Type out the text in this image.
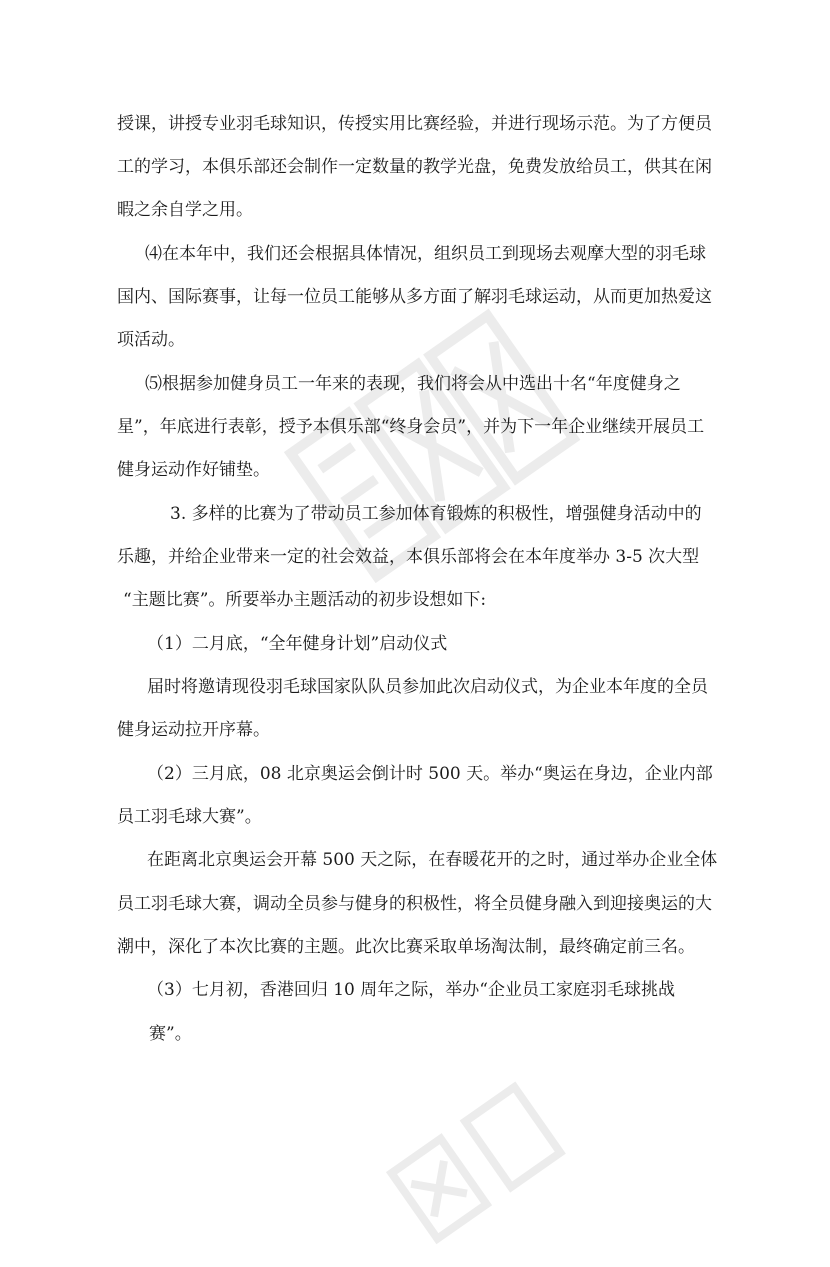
授课，讲授专业羽毛球知识，传授实用比赛经验，并进行现场示范。为了方便员
工的学习，本俱乐部还会制作一定数量的教学光盘，免费发放给员工，供其在闲
暇之余自学之用。
⑷在本年中，我们还会根据具体情况，组织员工到现场去观摩大型的羽毛球
国内、国际赛事，让每一位员工能够从多方面了解羽毛球运动，从而更加热爱这
项活动。
⑸根据参加健身员工一年来的表现，我们将会从中选出十名“年度健身之
星”，年底进行表彰，授予本俱乐部“终身会员”，并为下一年企业继续开展员工
健身运动作好铺垫。
3. 多样的比赛为了带动员工参加体育锻炼的积极性，增强健身活动中的
乐趣，并给企业带来一定的社会效益，本俱乐部将会在本年度举办 3-5 次大型
“主题比赛”。所要举办主题活动的初步设想如下:
（1）二月底，“全年健身计划”启动仪式
届时将邀请现役羽毛球国家队队员参加此次启动仪式，为企业本年度的全员
健身运动拉开序幕。
（2）三月底，08 北京奥运会倒计时 500 天。举办“奥运在身边，企业内部
员工羽毛球大赛”。
在距离北京奥运会开幕 500 天之际，在春暖花开的之时，通过举办企业全体
员工羽毛球大赛，调动全员参与健身的积极性，将全员健身融入到迎接奥运的大
潮中，深化了本次比赛的主题。此次比赛采取单场淘汰制，最终确定前三名。
（3）七月初，香港回归 10 周年之际，举办“企业员工家庭羽毛球挑战
赛”。
